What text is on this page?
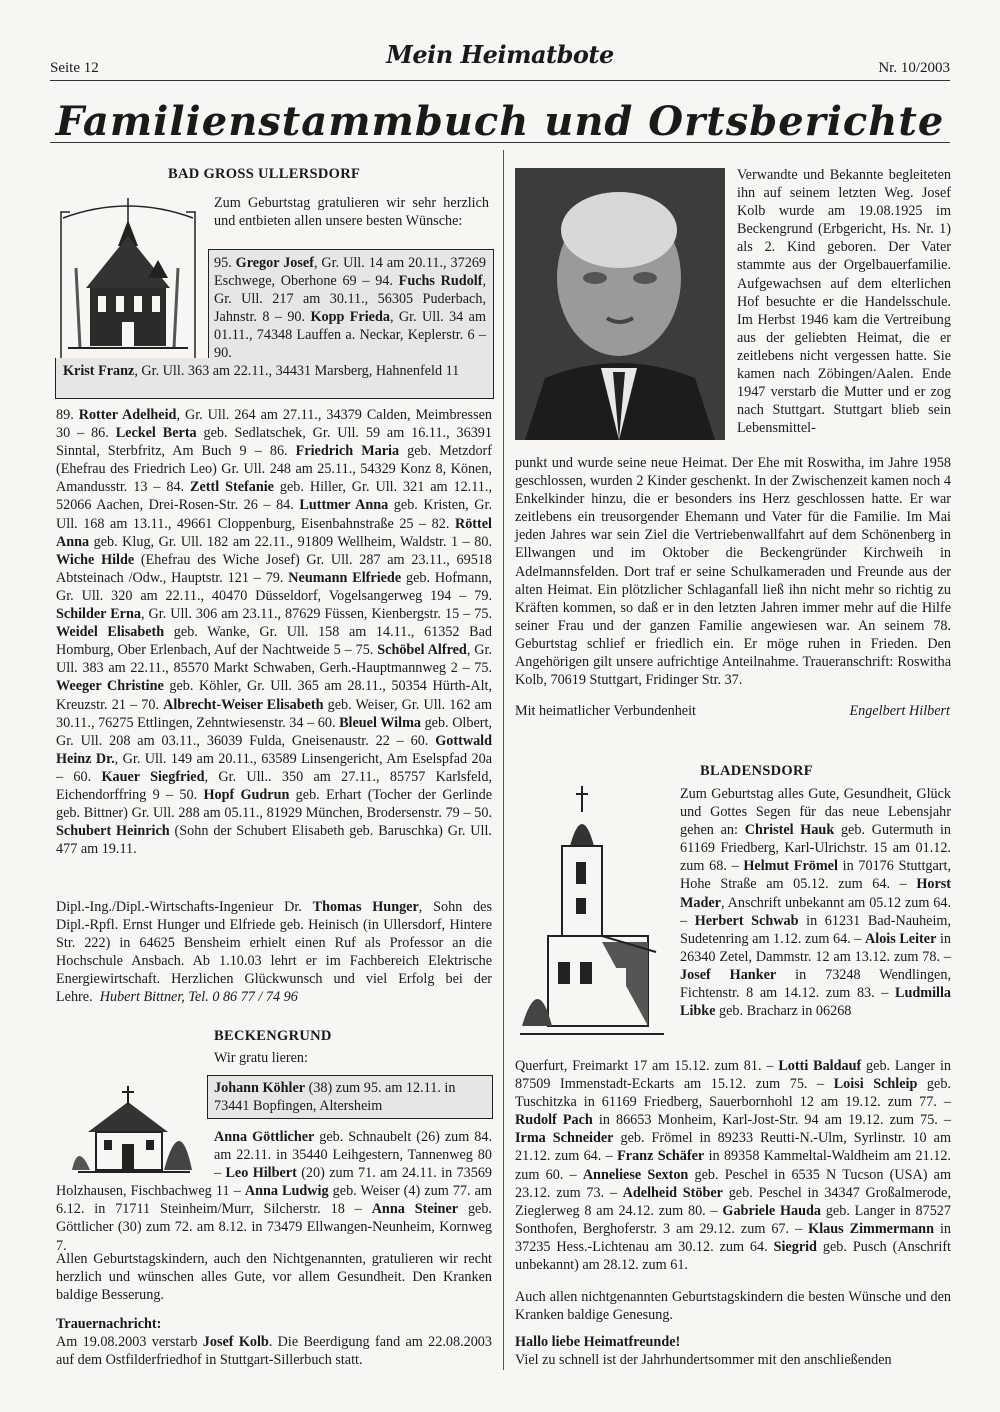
Seite 12	Mein Heimatbote	Nr. 10/2003
Familienstammbuch und Ortsberichte
BAD GROSS ULLERSDORF
Zum Geburtstag gratulieren wir sehr herzlich und entbieten allen unsere besten Wünsche:
95. Gregor Josef, Gr. Ull. 14 am 20.11., 37269 Eschwege, Oberhone 69 – 94. Fuchs Rudolf, Gr. Ull. 217 am 30.11., 56305 Puderbach, Jahnstr. 8 – 90. Kopp Frieda, Gr. Ull. 34 am 01.11., 74348 Lauffen a. Neckar, Keplerstr. 6 – 90.
Krist Franz, Gr. Ull. 363 am 22.11., 34431 Marsberg, Hahnenfeld 11
89. Rotter Adelheid, Gr. Ull. 264 am 27.11., 34379 Calden, Meimbressen 30 – 86. Leckel Berta geb. Sedlatschek, Gr. Ull. 59 am 16.11., 36391 Sinntal, Sterbfritz, Am Buch 9 – 86. Friedrich Maria geb. Metzdorf (Ehefrau des Friedrich Leo) Gr. Ull. 248 am 25.11., 54329 Konz 8, Könen, Amandusstr. 13 – 84. Zettl Stefanie geb. Hiller, Gr. Ull. 321 am 12.11., 52066 Aachen, Drei-Rosen-Str. 26 – 84. Luttmer Anna geb. Kristen, Gr. Ull. 168 am 13.11., 49661 Cloppenburg, Eisenbahnstraße 25 – 82. Röttel Anna geb. Klug, Gr. Ull. 182 am 22.11., 91809 Wellheim, Waldstr. 1 – 80. Wiche Hilde (Ehefrau des Wiche Josef) Gr. Ull. 287 am 23.11., 69518 Abtsteinach /Odw., Hauptstr. 121 – 79. Neumann Elfriede geb. Hofmann, Gr. Ull. 320 am 22.11., 40470 Düsseldorf, Vogelsangerweg 194 – 79. Schilder Erna, Gr. Ull. 306 am 23.11., 87629 Füssen, Kienbergstr. 15 – 75. Weidel Elisabeth geb. Wanke, Gr. Ull. 158 am 14.11., 61352 Bad Homburg, Ober Erlenbach, Auf der Nachtweide 5 – 75. Schöbel Alfred, Gr. Ull. 383 am 22.11., 85570 Markt Schwaben, Gerh.-Hauptmannweg 2 – 75. Weeger Christine geb. Köhler, Gr. Ull. 365 am 28.11., 50354 Hürth-Alt, Kreuzstr. 21 – 70. Albrecht-Weiser Elisabeth geb. Weiser, Gr. Ull. 162 am 30.11., 76275 Ettlingen, Zehntwiesenstr. 34 – 60. Bleuel Wilma geb. Olbert, Gr. Ull. 208 am 03.11., 36039 Fulda, Gneisenaustr. 22 – 60. Gottwald Heinz Dr., Gr. Ull. 149 am 20.11., 63589 Linsengericht, Am Eselspfad 20a – 60. Kauer Siegfried, Gr. Ull.. 350 am 27.11., 85757 Karlsfeld, Eichendorffring 9 – 50. Hopf Gudrun geb. Erhart (Tocher der Gerlinde geb. Bittner) Gr. Ull. 288 am 05.11., 81929 München, Brodersenstr. 79 – 50. Schubert Heinrich (Sohn der Schubert Elisabeth geb. Baruschka) Gr. Ull. 477 am 19.11.
Dipl.-Ing./Dipl.-Wirtschafts-Ingenieur Dr. Thomas Hunger, Sohn des Dipl.-Rpfl. Ernst Hunger und Elfriede geb. Heinisch (in Ullersdorf, Hintere Str. 222) in 64625 Bensheim erhielt einen Ruf als Professor an die Hochschule Ansbach. Ab 1.10.03 lehrt er im Fachbereich Elektrische Energiewirtschaft. Herzlichen Glückwunsch und viel Erfolg bei der Lehre. Hubert Bittner, Tel. 0 86 77 / 74 96
BECKENGRUND
Wir gratu lieren:
Johann Köhler (38) zum 95. am 12.11. in 73441 Bopfingen, Altersheim
Anna Göttlicher geb. Schnaubelt (26) zum 84. am 22.11. in 35440 Leihgestern, Tannenweg 80 – Leo Hilbert (20) zum 71. am 24.11. in 73569 Holzhausen, Fischbachweg 11 – Anna Ludwig geb. Weiser (4) zum 77. am 6.12. in 71711 Steinheim/Murr, Silcherstr. 18 – Anna Steiner geb. Göttlicher (30) zum 72. am 8.12. in 73479 Ellwangen-Neunheim, Kornweg 7.
Allen Geburtstagskindern, auch den Nichtgenannten, gratulieren wir recht herzlich und wünschen alles Gute, vor allem Gesundheit. Den Kranken baldige Besserung.
Trauernachricht:
Am 19.08.2003 verstarb Josef Kolb. Die Beerdigung fand am 22.08.2003 auf dem Ostfilderfriedhof in Stuttgart-Sillerbuch statt.
Verwandte und Bekannte begleiteten ihn auf seinem letzten Weg. Josef Kolb wurde am 19.08.1925 im Beckengrund (Erbgericht, Hs. Nr. 1) als 2. Kind geboren. Der Vater stammte aus der Orgelbauerfamilie. Aufgewachsen auf dem elterlichen Hof besuchte er die Handelsschule. Im Herbst 1946 kam die Vertreibung aus der geliebten Heimat, die er zeitlebens nicht vergessen hatte. Sie kamen nach Zöbingen/Aalen. Ende 1947 verstarb die Mutter und er zog nach Stuttgart. Stuttgart blieb sein Lebensmittel-
punkt und wurde seine neue Heimat. Der Ehe mit Roswitha, im Jahre 1958 geschlossen, wurden 2 Kinder geschenkt. In der Zwischenzeit kamen noch 4 Enkelkinder hinzu, die er besonders ins Herz geschlossen hatte. Er war zeitlebens ein treusorgender Ehemann und Vater für die Familie. Im Mai jeden Jahres war sein Ziel die Vertriebenwallfahrt auf dem Schönenberg in Ellwangen und im Oktober die Beckengründer Kirchweih in Adelmannsfelden. Dort traf er seine Schulkameraden und Freunde aus der alten Heimat. Ein plötzlicher Schlaganfall ließ ihn nicht mehr so richtig zu Kräften kommen, so daß er in den letzten Jahren immer mehr auf die Hilfe seiner Frau und der ganzen Familie angewiesen war. An seinem 78. Geburtstag schlief er friedlich ein. Er möge ruhen in Frieden. Den Angehörigen gilt unsere aufrichtige Anteilnahme. Traueranschrift: Roswitha Kolb, 70619 Stuttgart, Fridinger Str. 37.
Mit heimatlicher Verbundenheit	Engelbert Hilbert
BLADENSDORF
Zum Geburtstag alles Gute, Gesundheit, Glück und Gottes Segen für das neue Lebensjahr gehen an: Christel Hauk geb. Gutermuth in 61169 Friedberg, Karl-Ulrichstr. 15 am 01.12. zum 68. – Helmut Frömel in 70176 Stuttgart, Hohe Straße am 05.12. zum 64. – Horst Mader, Anschrift unbekannt am 05.12 zum 64. – Herbert Schwab in 61231 Bad-Nauheim, Sudetenring am 1.12. zum 64. – Alois Leiter in 26340 Zetel, Dammstr. 12 am 13.12. zum 78. – Josef Hanker in 73248 Wendlingen, Fichtenstr. 8 am 14.12. zum 83. – Ludmilla Libke geb. Bracharz in 06268
Querfurt, Freimarkt 17 am 15.12. zum 81. – Lotti Baldauf geb. Langer in 87509 Immenstadt-Eckarts am 15.12. zum 75. – Loisi Schleip geb. Tuschitzka in 61169 Friedberg, Sauerbornhohl 12 am 19.12. zum 77. – Rudolf Pach in 86653 Monheim, Karl-Jost-Str. 94 am 19.12. zum 75. – Irma Schneider geb. Frömel in 89233 Reutti-N.-Ulm, Syrlinstr. 10 am 21.12. zum 64. – Franz Schäfer in 89358 Kammeltal-Waldheim am 21.12. zum 60. – Anneliese Sexton geb. Peschel in 6535 N Tucson (USA) am 23.12. zum 73. – Adelheid Stöber geb. Peschel in 34347 Großalmerode, Zieglerweg 8 am 24.12. zum 80. – Gabriele Hauda geb. Langer in 87527 Sonthofen, Berghoferstr. 3 am 29.12. zum 67. – Klaus Zimmermann in 37235 Hess.-Lichtenau am 30.12. zum 64. Siegrid geb. Pusch (Anschrift unbekannt) am 28.12. zum 61.
Auch allen nichtgenannten Geburtstagskindern die besten Wünsche und den Kranken baldige Genesung.
Hallo liebe Heimatfreunde!
Viel zu schnell ist der Jahrhundertsommer mit den anschließenden
